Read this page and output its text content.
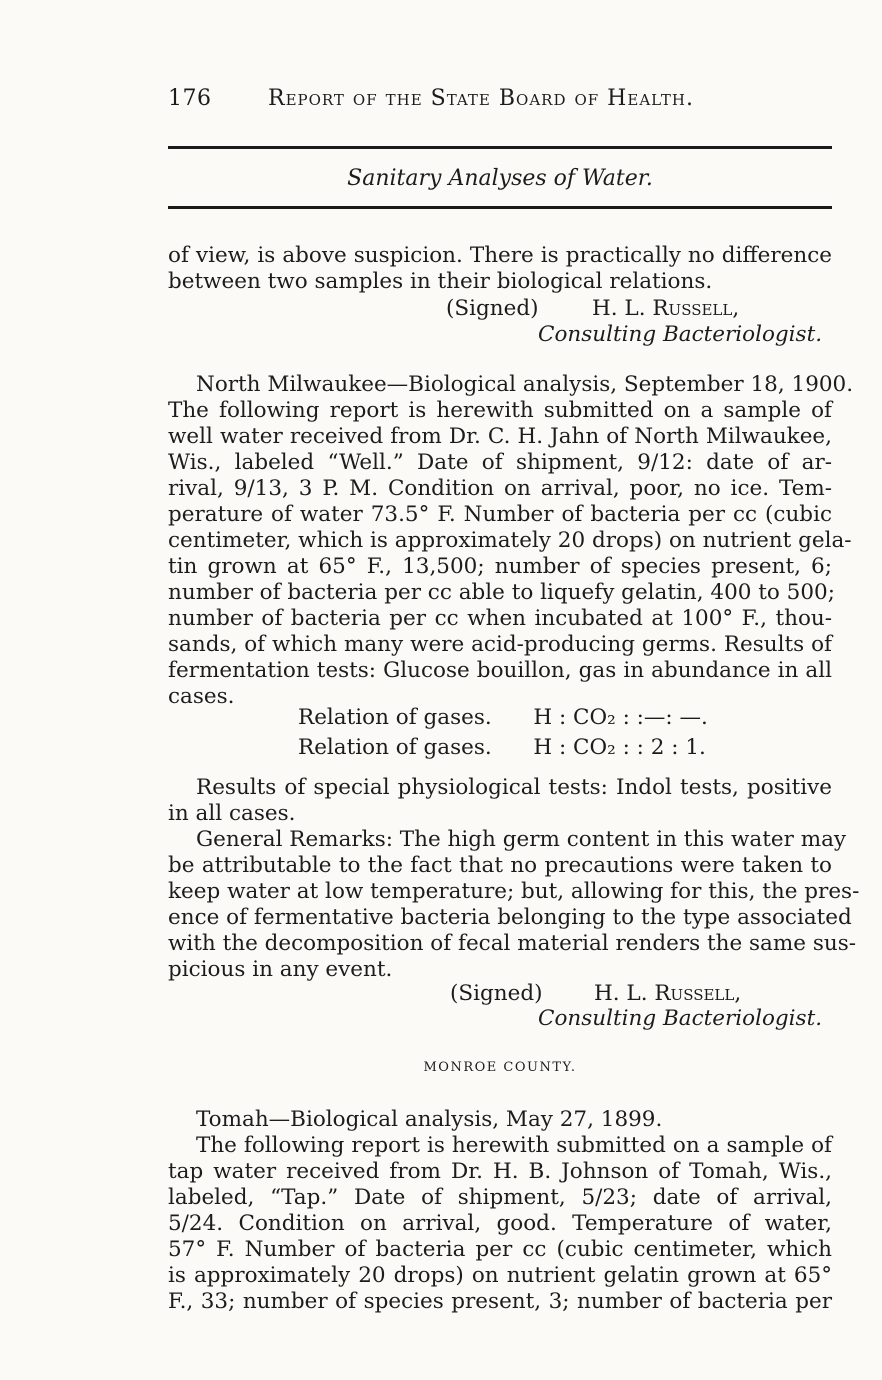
176	Report of the State Board of Health.
Sanitary Analyses of Water.
of view, is above suspicion. There is practically no difference
between two samples in their biological relations.
(Signed) H. L. Russell,
Consulting Bacteriologist.
North Milwaukee—Biological analysis, September 18, 1900.
The following report is herewith submitted on a sample of
well water received from Dr. C. H. Jahn of North Milwaukee,
Wis., labeled “Well.” Date of shipment, 9/12: date of ar-
rival, 9/13, 3 P. M. Condition on arrival, poor, no ice. Tem-
perature of water 73.5° F. Number of bacteria per cc (cubic
centimeter, which is approximately 20 drops) on nutrient gela-
tin grown at 65° F., 13,500; number of species present, 6;
number of bacteria per cc able to liquefy gelatin, 400 to 500;
number of bacteria per cc when incubated at 100° F., thou-
sands, of which many were acid-producing germs. Results of
fermentation tests: Glucose bouillon, gas in abundance in all
cases.
Relation of gases. H : CO₂ : :—: —.
Relation of gases. H : CO₂ : : 2 : 1.
Results of special physiological tests: Indol tests, positive
in all cases.
General Remarks: The high germ content in this water may
be attributable to the fact that no precautions were taken to
keep water at low temperature; but, allowing for this, the pres-
ence of fermentative bacteria belonging to the type associated
with the decomposition of fecal material renders the same sus-
picious in any event.
(Signed) H. L. Russell,
Consulting Bacteriologist.
MONROE COUNTY.
Tomah—Biological analysis, May 27, 1899.
The following report is herewith submitted on a sample of
tap water received from Dr. H. B. Johnson of Tomah, Wis.,
labeled, “Tap.” Date of shipment, 5/23; date of arrival,
5/24. Condition on arrival, good. Temperature of water,
57° F. Number of bacteria per cc (cubic centimeter, which
is approximately 20 drops) on nutrient gelatin grown at 65°
F., 33; number of species present, 3; number of bacteria per
